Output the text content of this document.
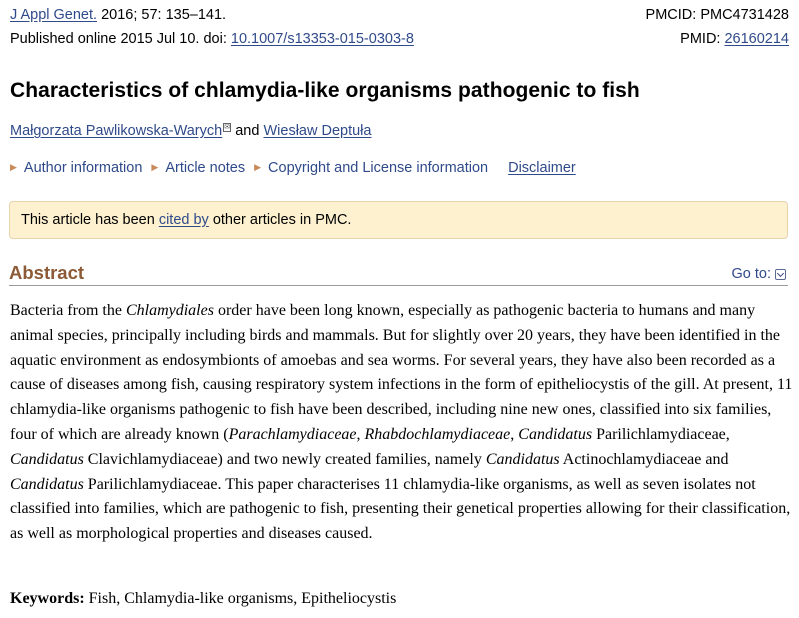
J Appl Genet. 2016; 57: 135–141.	PMCID: PMC4731428
Published online 2015 Jul 10. doi: 10.1007/s13353-015-0303-8	PMID: 26160214
Characteristics of chlamydia-like organisms pathogenic to fish
Małgorzata Pawlikowska-Warych ✉ and Wiesław Deptuła
▶ Author information ▶ Article notes ▶ Copyright and License information Disclaimer
This article has been cited by other articles in PMC.
Abstract	Go to:

Bacteria from the Chlamydiales order have been long known, especially as pathogenic bacteria to humans and many animal species, principally including birds and mammals. But for slightly over 20 years, they have been identified in the aquatic environment as endosymbionts of amoebas and sea worms. For several years, they have also been recorded as a cause of diseases among fish, causing respiratory system infections in the form of epitheliocystis of the gill. At present, 11 chlamydia-like organisms pathogenic to fish have been described, including nine new ones, classified into six families, four of which are already known (Parachlamydiaceae, Rhabdochlamydiaceae, Candidatus Parilichlamydiaceae, Candidatus Clavichlamydiaceae) and two newly created families, namely Candidatus Actinochlamydiaceae and Candidatus Parilichlamydiaceae. This paper characterises 11 chlamydia-like organisms, as well as seven isolates not classified into families, which are pathogenic to fish, presenting their genetical properties allowing for their classification, as well as morphological properties and diseases caused.

Keywords: Fish, Chlamydia-like organisms, Epitheliocystis
